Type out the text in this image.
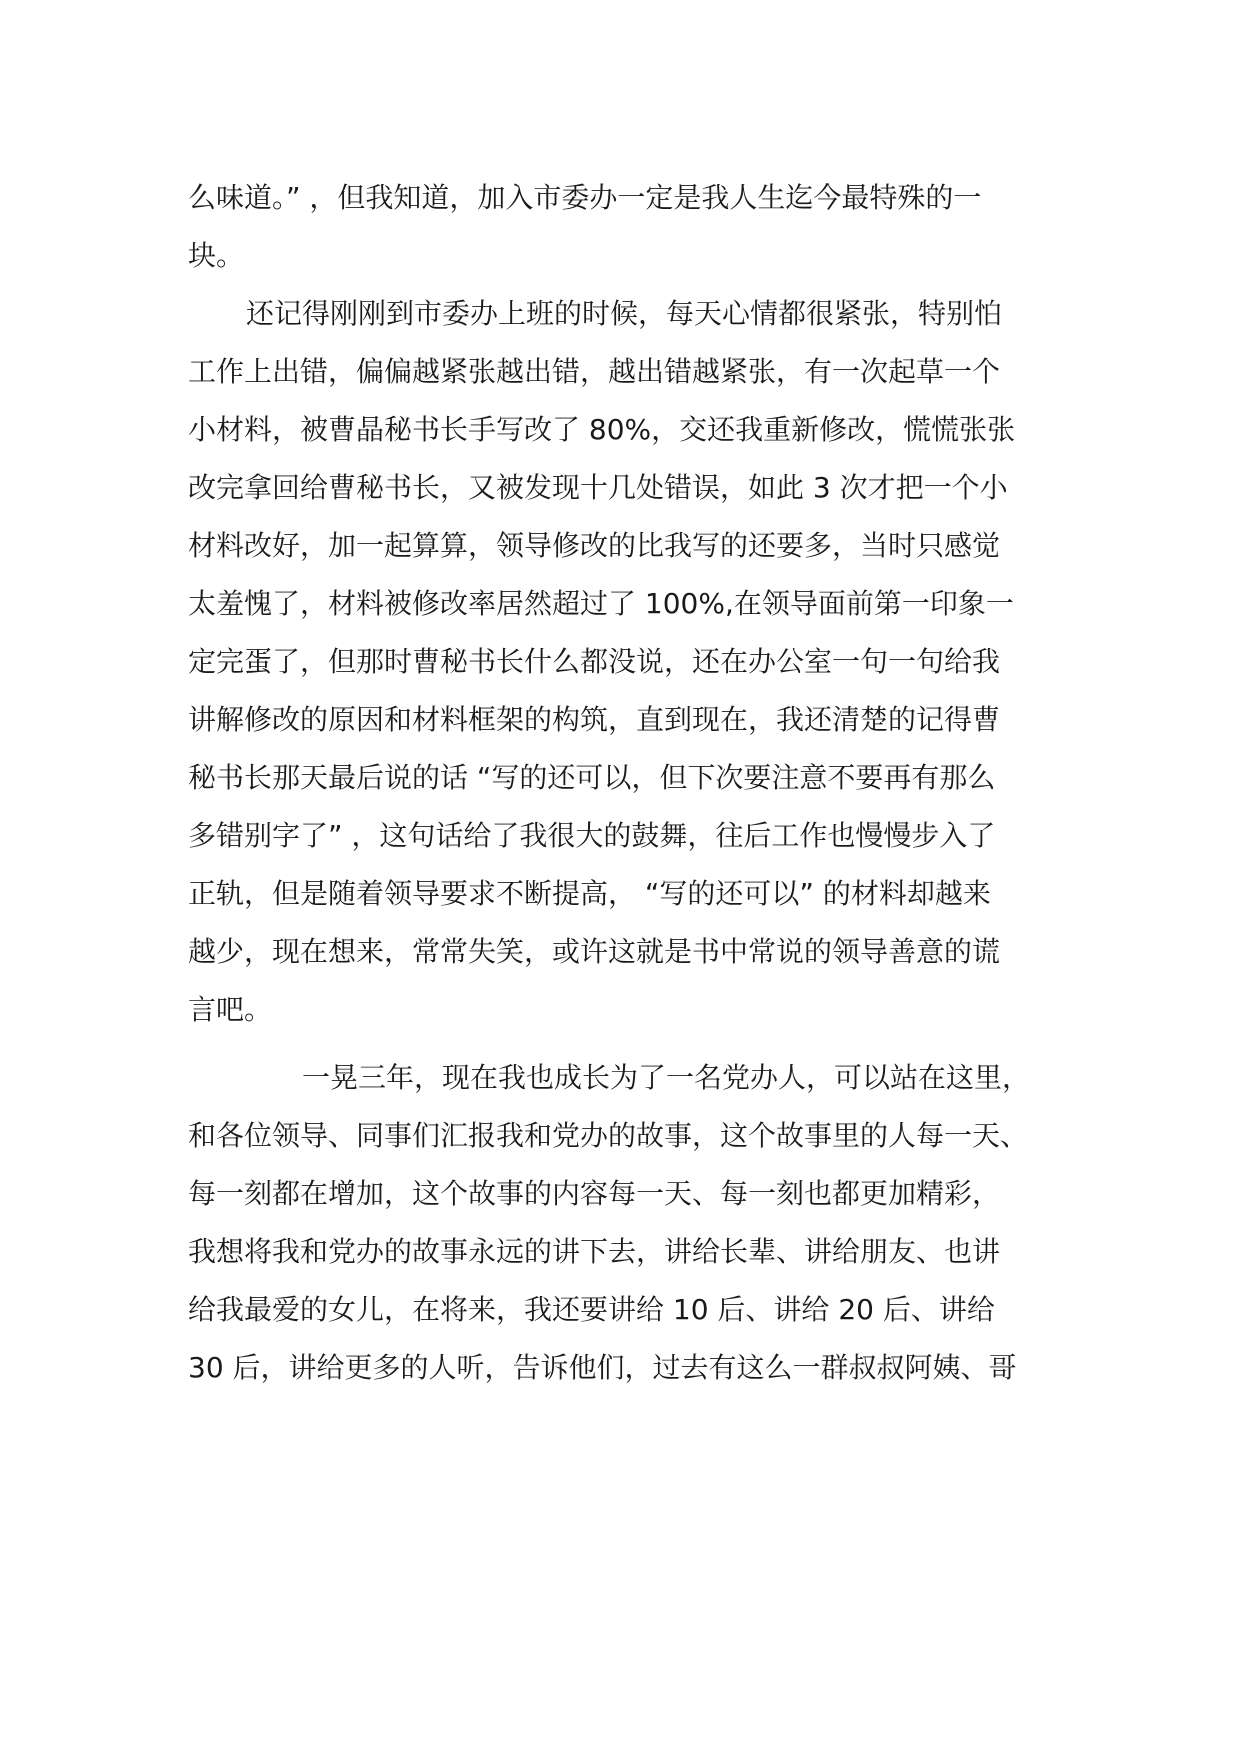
么味道。” ，但我知道，加入市委办一定是我人生迄今最特殊的一
块。
还记得刚刚到市委办上班的时候，每天心情都很紧张，特别怕
工作上出错，偏偏越紧张越出错，越出错越紧张，有一次起草一个
小材料，被曹晶秘书长手写改了 80%，交还我重新修改，慌慌张张
改完拿回给曹秘书长，又被发现十几处错误，如此 3 次才把一个小
材料改好，加一起算算，领导修改的比我写的还要多，当时只感觉
太羞愧了，材料被修改率居然超过了 100%,在领导面前第一印象一
定完蛋了，但那时曹秘书长什么都没说，还在办公室一句一句给我
讲解修改的原因和材料框架的构筑，直到现在，我还清楚的记得曹
秘书长那天最后说的话 “写的还可以，但下次要注意不要再有那么
多错别字了” ，这句话给了我很大的鼓舞，往后工作也慢慢步入了
正轨，但是随着领导要求不断提高， “写的还可以” 的材料却越来
越少，现在想来，常常失笑，或许这就是书中常说的领导善意的谎
言吧。
一晃三年，现在我也成长为了一名党办人，可以站在这里，
和各位领导、同事们汇报我和党办的故事，这个故事里的人每一天、
每一刻都在增加，这个故事的内容每一天、每一刻也都更加精彩，
我想将我和党办的故事永远的讲下去，讲给长辈、讲给朋友、也讲
给我最爱的女儿，在将来，我还要讲给 10 后、讲给 20 后、讲给
30 后，讲给更多的人听，告诉他们，过去有这么一群叔叔阿姨、哥
